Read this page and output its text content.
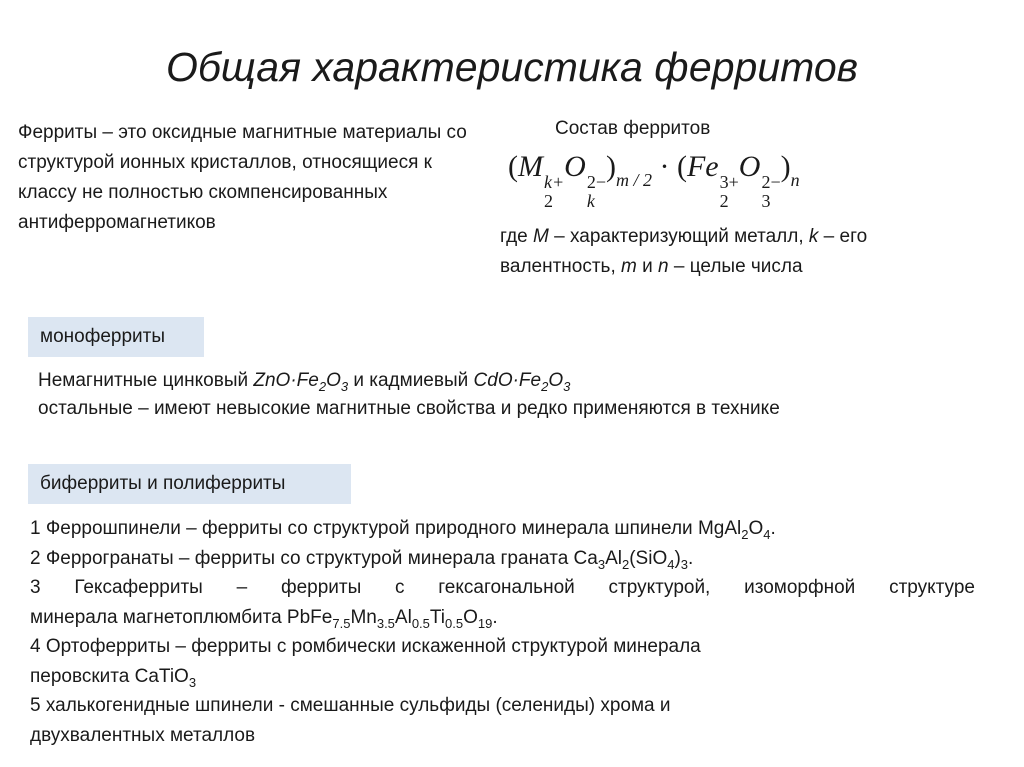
Общая характеристика ферритов
Ферриты – это оксидные магнитные материалы со структурой ионных кристаллов, относящиеся к классу не полностью скомпенсированных антиферромагнетиков
Состав ферритов
(M k+
2
O 2−
k
)$_{m / 2} \cdot (Fe$ 3+
2
O 2−
3
)$_n$
где M – характеризующий металл, k – его валентность, m и n – целые числа
моноферриты
Немагнитные цинковый $ZnO\cdot Fe_2O_3$ и кадмиевый $CdO\cdot Fe_2O_3$
остальные – имеют невысокие магнитные свойства и редко применяются в технике
биферриты и полиферриты
1 Феррошпинели – ферриты со структурой природного минерала шпинели $MgAl_2O_4$.
2 Феррогранаты – ферриты со структурой минерала граната $Ca_3Al_2(SiO_4)_3$.
3 Гексаферриты – ферриты с гексагональной структурой, изоморфной структуре
минерала магнетоплюмбита $PbFe_{7.5}Mn_{3.5}Al_{0.5}Ti_{0.5}O_{19}$.
4 Ортоферриты – ферриты с ромбически искаженной структурой минерала
перовскита CaTiO$_3$
5 халькогенидные шпинели - смешанные сульфиды (селениды) хрома и
двухвалентных металлов
